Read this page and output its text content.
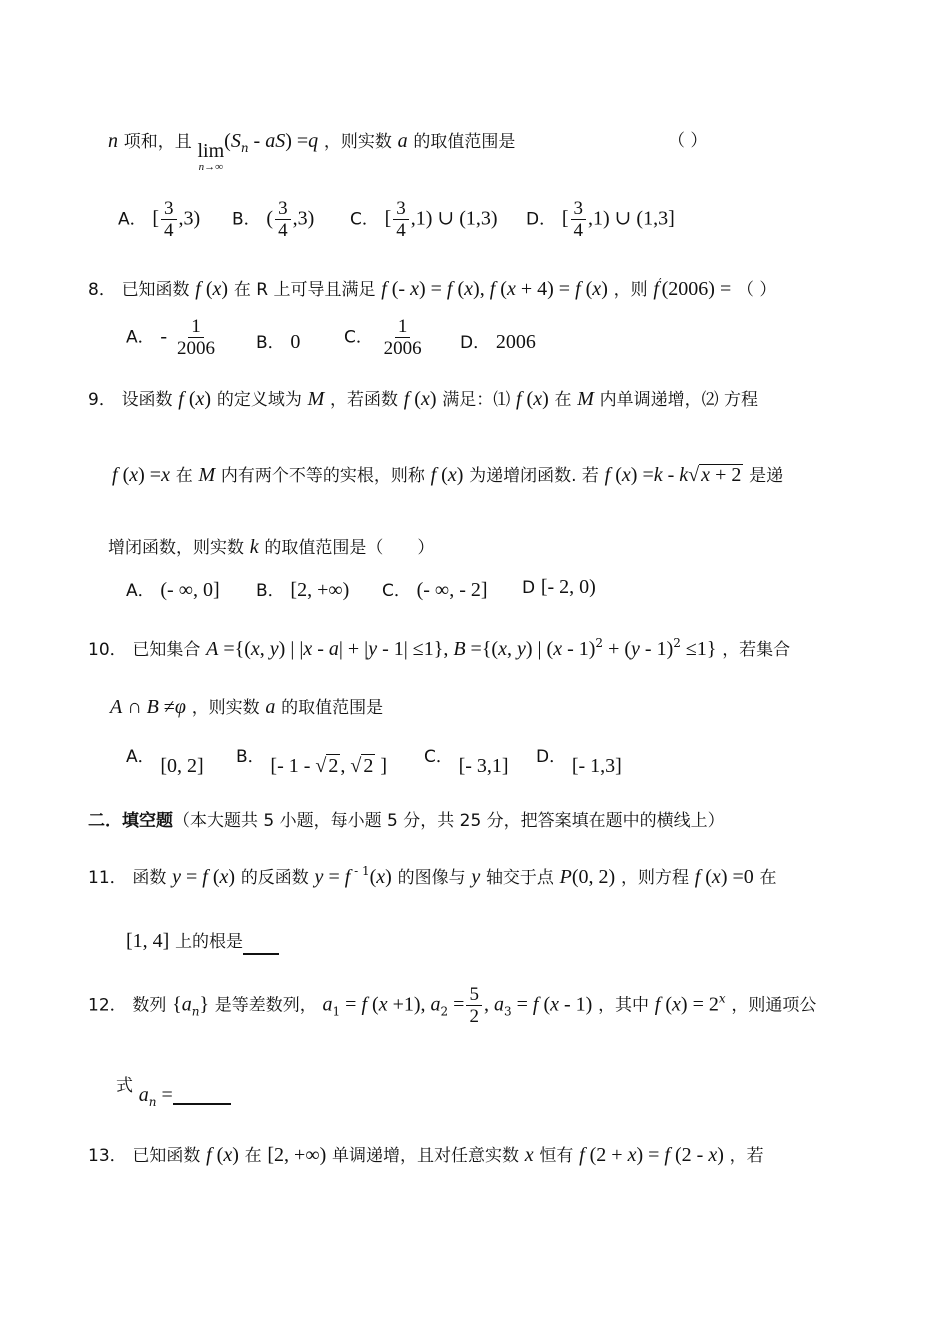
n 项和，且 lim
n→∞
$(S_n - aS) =q$ ，则实数 a 的取值范围是	（ ）
A． [ $\frac{3}{4} ,3$) B． ( $\frac{3}{4} ,3$) C． [ $\frac{3}{4} ,1$) ∪ (1,3) D． [ $\frac{3}{4} ,1$) ∪ (1,3]
8． 已知函数 f (x) 在 R 上可导且满足 f (- x) = f (x), f (x + 4) = f (x) ，则 f′(2006) = （ ）
A． - $\frac{1}{2006}$ B． 0	C． $\frac{1}{2006}$ D． 2006
9． 设函数 f (x) 的定义域为 M ，若函数 f (x) 满足：⑴ f (x) 在 M 内单调递增，⑵ 方程
f (x) =x 在 M 内有两个不等的实根，则称 f (x) 为递增闭函数. 若 f (x) =k - k√ x + 2 是递
增闭函数，则实数 k 的取值范围是（　　）
A． (- ∞, 0] B． [2, +∞) C． (- ∞, - 2] D [- 2, 0)
10． 已知集合 A ={(x, y) | |x - a| + |y - 1| ≤1}, B ={(x, y) | (x - 1)$^2$ + (y - 1)$^2$ ≤1} ，若集合
A ∩ B ≠φ ，则实数 a 的取值范围是
A． [0, 2] B． [- 1 - √ 2 , √ 2 ] C． [- 3,1] D． [- 1,3]
二．填空题（本大题共 5 小题，每小题 5 分，共 25 分，把答案填在题中的横线上）
11． 函数 y = f (x) 的反函数 y = f $^{- 1}$(x) 的图像与 y 轴交于点 P(0, 2) ，则方程 f (x) =0 在
[1, 4] 上的根是
12． 数列 $\{a_n\}$ 是等差数列， $a_1 = f$ (x +1), $a_2 = \frac{5}{2}$ , $a_3 = f$ (x - 1) ，其中 f $(x) = 2^x$ ，则通项公
式 $a_n$ =
13． 已知函数 f (x) 在 [2, +∞) 单调递增，且对任意实数 x 恒有 f (2 + x) = f (2 - x) ，若
